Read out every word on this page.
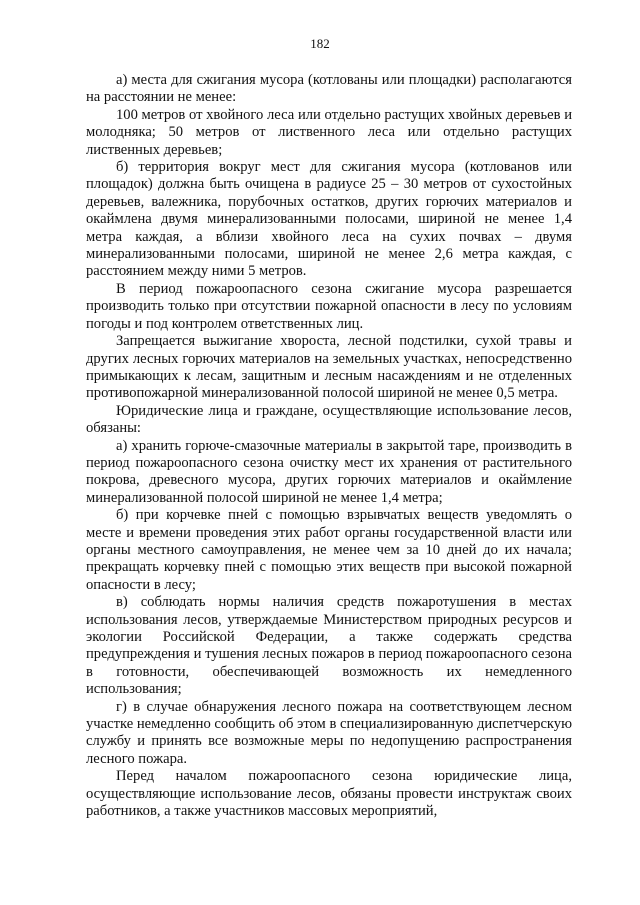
182

а) места для сжигания мусора (котлованы или площадки) располагаются на расстоянии не менее:

100 метров от хвойного леса или отдельно растущих хвойных деревьев и молодняка; 50 метров от лиственного леса или отдельно растущих лиственных деревьев;

б) территория вокруг мест для сжигания мусора (котлованов или площадок) должна быть очищена в радиусе 25 – 30 метров от сухостойных деревьев, валежника, порубочных остатков, других горючих материалов и окаймлена двумя минерализованными полосами, шириной не менее 1,4 метра каждая, а вблизи хвойного леса на сухих почвах – двумя минерализованными полосами, шириной не менее 2,6 метра каждая, с расстоянием между ними 5 метров.

В период пожароопасного сезона сжигание мусора разрешается производить только при отсутствии пожарной опасности в лесу по условиям погоды и под контролем ответственных лиц.

Запрещается выжигание хвороста, лесной подстилки, сухой травы и других лесных горючих материалов на земельных участках, непосредственно примыкающих к лесам, защитным и лесным насаждениям и не отделенных противопожарной минерализованной полосой шириной не менее 0,5 метра.

Юридические лица и граждане, осуществляющие использование лесов, обязаны:

а) хранить горюче-смазочные материалы в закрытой таре, производить в период пожароопасного сезона очистку мест их хранения от растительного покрова, древесного мусора, других горючих материалов и окаймление минерализованной полосой шириной не менее 1,4 метра;

б) при корчевке пней с помощью взрывчатых веществ уведомлять о месте и времени проведения этих работ органы государственной власти или органы местного самоуправления, не менее чем за 10 дней до их начала; прекращать корчевку пней с помощью этих веществ при высокой пожарной опасности в лесу;

в) соблюдать нормы наличия средств пожаротушения в местах использования лесов, утверждаемые Министерством природных ресурсов и экологии Российской Федерации, а также содержать средства предупреждения и тушения лесных пожаров в период пожароопасного сезона в готовности, обеспечивающей возможность их немедленного использования;

г) в случае обнаружения лесного пожара на соответствующем лесном участке немедленно сообщить об этом в специализированную диспетчерскую службу и принять все возможные меры по недопущению распространения лесного пожара.

Перед началом пожароопасного сезона юридические лица, осуществляющие использование лесов, обязаны провести инструктаж своих работников, а также участников массовых мероприятий,
